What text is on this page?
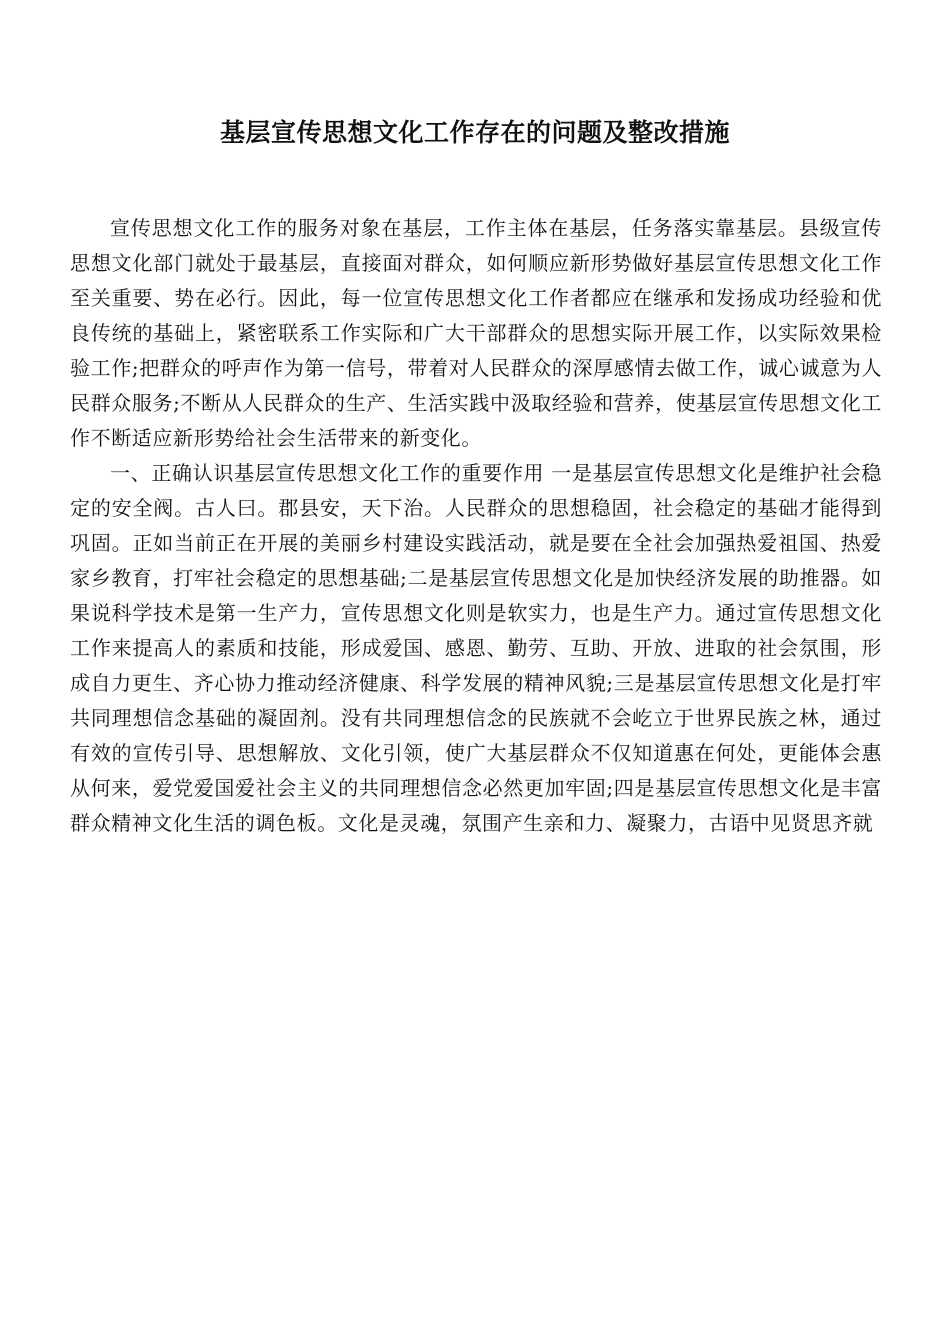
基层宣传思想文化工作存在的问题及整改措施

宣传思想文化工作的服务对象在基层，工作主体在基层，任务落实靠基层。县级宣传思想文化部门就处于最基层，直接面对群众，如何顺应新形势做好基层宣传思想文化工作至关重要、势在必行。因此，每一位宣传思想文化工作者都应在继承和发扬成功经验和优良传统的基础上，紧密联系工作实际和广大干部群众的思想实际开展工作，以实际效果检验工作;把群众的呼声作为第一信号，带着对人民群众的深厚感情去做工作，诚心诚意为人民群众服务;不断从人民群众的生产、生活实践中汲取经验和营养，使基层宣传思想文化工作不断适应新形势给社会生活带来的新变化。

一、正确认识基层宣传思想文化工作的重要作用 一是基层宣传思想文化是维护社会稳定的安全阀。古人曰。郡县安，天下治。人民群众的思想稳固，社会稳定的基础才能得到巩固。正如当前正在开展的美丽乡村建设实践活动，就是要在全社会加强热爱祖国、热爱家乡教育，打牢社会稳定的思想基础;二是基层宣传思想文化是加快经济发展的助推器。如果说科学技术是第一生产力，宣传思想文化则是软实力，也是生产力。通过宣传思想文化工作来提高人的素质和技能，形成爱国、感恩、勤劳、互助、开放、进取的社会氛围，形成自力更生、齐心协力推动经济健康、科学发展的精神风貌;三是基层宣传思想文化是打牢共同理想信念基础的凝固剂。没有共同理想信念的民族就不会屹立于世界民族之林，通过有效的宣传引导、思想解放、文化引领，使广大基层群众不仅知道惠在何处，更能体会惠从何来，爱党爱国爱社会主义的共同理想信念必然更加牢固;四是基层宣传思想文化是丰富群众精神文化生活的调色板。文化是灵魂，氛围产生亲和力、凝聚力，古语中见贤思齐就
